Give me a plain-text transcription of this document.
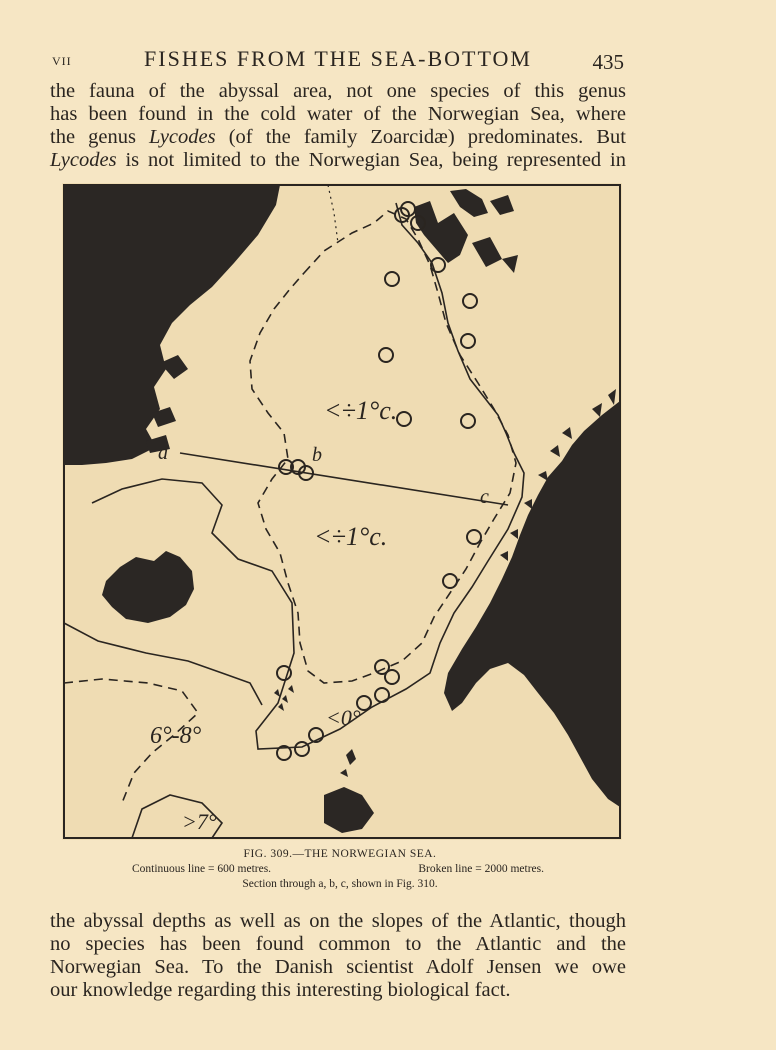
VII	FISHES FROM THE SEA-BOTTOM	435

the fauna of the abyssal area, not one species of this genus
has been found in the cold water of the Norwegian Sea, where
the genus Lycodes (of the family Zoarcidæ) predominates. But
Lycodes is not limited to the Norwegian Sea, being represented in

a	b
c
<÷1°c.
<÷1°c.
6°-8°
<0°
>7°
FIG. 309.—THE NORWEGIAN SEA.
Continuous line = 600 metres.	Broken line = 2000 metres.
Section through a, b, c, shown in Fig. 310.

the abyssal depths as well as on the slopes of the Atlantic, though
no species has been found common to the Atlantic and the
Norwegian Sea. To the Danish scientist Adolf Jensen we owe
our knowledge regarding this interesting biological fact.
